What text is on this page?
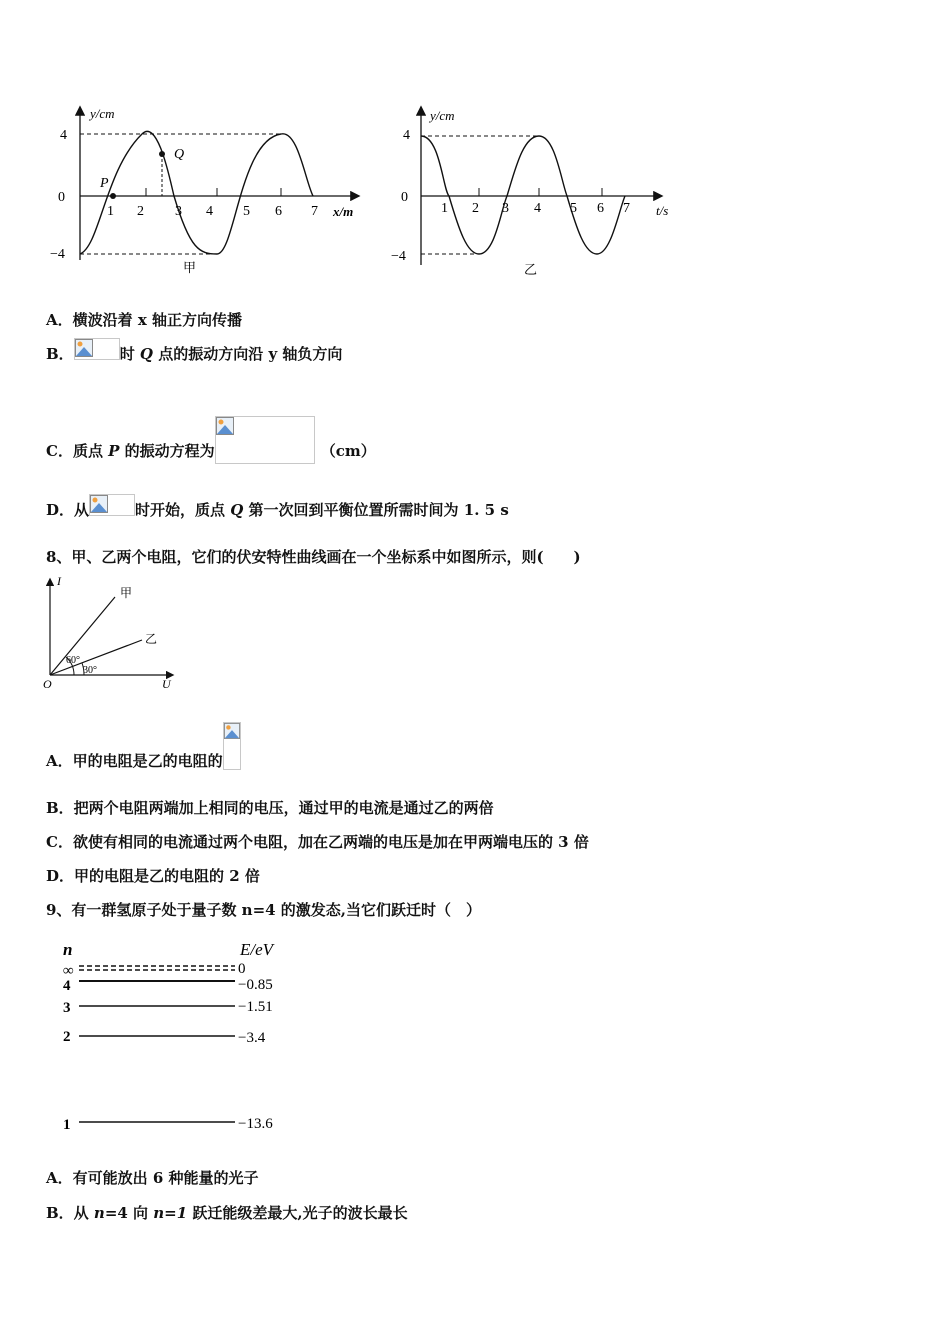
y/cm
x/m
4
0
−4
1 2 3 4 5 6 7
P
Q
甲
y/cm
t/s
4
0
−4
1 2 3 4 5 6 7
乙
A．横波沿着 x 轴正方向传播
B．	时 Q 点的振动方向沿 y 轴负方向
C．质点 P 的振动方程为	（cm）
D．从	时开始，质点 Q 第一次回到平衡位置所需时间为 1. 5 s
8、甲、乙两个电阻，它们的伏安特性曲线画在一个坐标系中如图所示，则(　　)
I
U
O
甲
乙
60°
30°
A．甲的电阻是乙的电阻的
B．把两个电阻两端加上相同的电压，通过甲的电流是通过乙的两倍
C．欲使有相同的电流通过两个电阻，加在乙两端的电压是加在甲两端电压的 3 倍
D．甲的电阻是乙的电阻的 2 倍
9、有一群氢原子处于量子数 n=4 的激发态,当它们跃迁时（　）
n	E/eV
∞	0
4	−0.85
3	−1.51
2	−3.4
1	−13.6
A．有可能放出 6 种能量的光子
B．从 n=4 向 n=1 跃迁能级差最大,光子的波长最长
